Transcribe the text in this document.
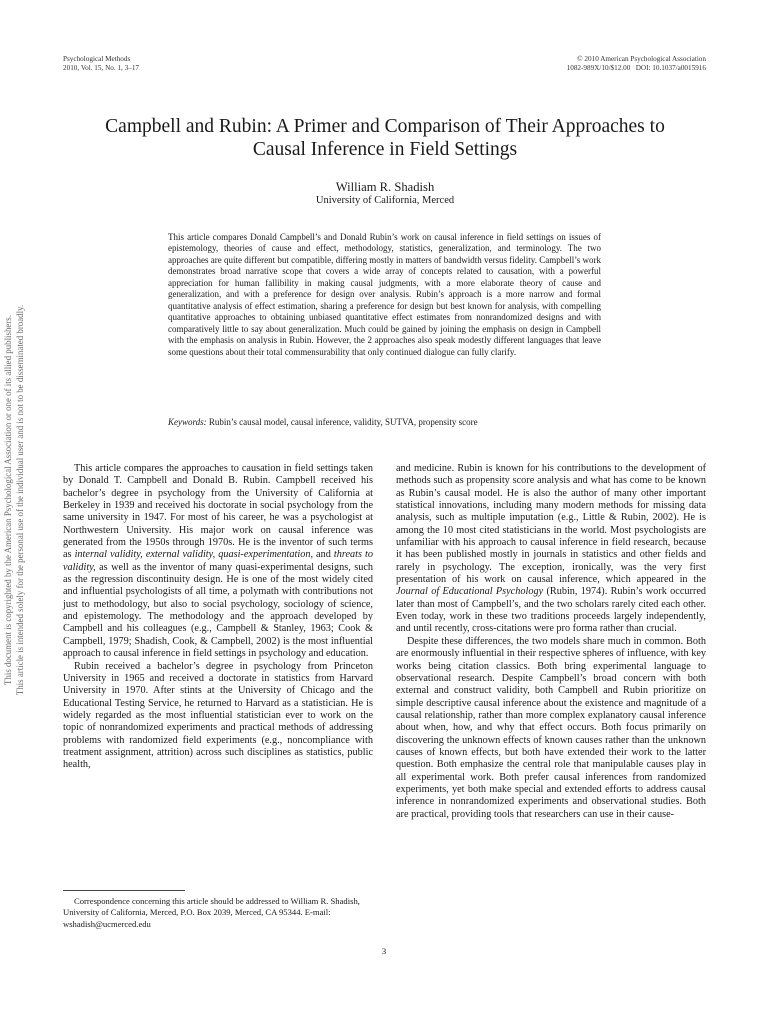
Psychological Methods
2010, Vol. 15, No. 1, 3–17
© 2010 American Psychological Association
1082-989X/10/$12.00   DOI: 10.1037/a0015916
This document is copyrighted by the American Psychological Association or one of its allied publishers. This article is intended solely for the personal use of the individual user and is not to be disseminated broadly.
Campbell and Rubin: A Primer and Comparison of Their Approaches to
Causal Inference in Field Settings
William R. Shadish
University of California, Merced

This article compares Donald Campbell’s and Donald Rubin’s work on causal inference in field settings on issues of epistemology, theories of cause and effect, methodology, statistics, generalization, and terminology. The two approaches are quite different but compatible, differing mostly in matters of bandwidth versus fidelity. Campbell’s work demonstrates broad narrative scope that covers a wide array of concepts related to causation, with a powerful appreciation for human fallibility in making causal judgments, with a more elaborate theory of cause and generalization, and with a preference for design over analysis. Rubin’s approach is a more narrow and formal quantitative analysis of effect estimation, sharing a preference for design but best known for analysis, with compelling quantitative approaches to obtaining unbiased quantitative effect estimates from nonrandomized designs and with comparatively little to say about generalization. Much could be gained by joining the emphasis on design in Campbell with the emphasis on analysis in Rubin. However, the 2 approaches also speak modestly different languages that leave some questions about their total commensurability that only continued dialogue can fully clarify.

Keywords: Rubin’s causal model, causal inference, validity, SUTVA, propensity score

This article compares the approaches to causation in field settings taken by Donald T. Campbell and Donald B. Rubin. Campbell received his bachelor’s degree in psychology from the University of California at Berkeley in 1939 and received his doctorate in social psychology from the same university in 1947. For most of his career, he was a psychologist at Northwestern University. His major work on causal inference was generated from the 1950s through 1970s. He is the inventor of such terms as internal validity, external validity, quasi-experimentation, and threats to validity, as well as the inventor of many quasi-experimental designs, such as the regression discontinuity design. He is one of the most widely cited and influential psychologists of all time, a polymath with contributions not just to methodology, but also to social psychology, sociology of science, and epistemology. The methodology and the approach developed by Campbell and his colleagues (e.g., Campbell & Stanley, 1963; Cook & Campbell, 1979; Shadish, Cook, & Campbell, 2002) is the most influential approach to causal inference in field settings in psychology and education.

Rubin received a bachelor’s degree in psychology from Princeton University in 1965 and received a doctorate in statistics from Harvard University in 1970. After stints at the University of Chicago and the Educational Testing Service, he returned to Harvard as a statistician. He is widely regarded as the most influential statistician ever to work on the topic of nonrandomized experiments and practical methods of addressing problems with randomized field experiments (e.g., noncompliance with treatment assignment, attrition) across such disciplines as statistics, public health,

and medicine. Rubin is known for his contributions to the development of methods such as propensity score analysis and what has come to be known as Rubin’s causal model. He is also the author of many other important statistical innovations, including many modern methods for missing data analysis, such as multiple imputation (e.g., Little & Rubin, 2002). He is among the 10 most cited statisticians in the world. Most psychologists are unfamiliar with his approach to causal inference in field research, because it has been published mostly in journals in statistics and other fields and rarely in psychology. The exception, ironically, was the very first presentation of his work on causal inference, which appeared in the Journal of Educational Psychology (Rubin, 1974). Rubin’s work occurred later than most of Campbell’s, and the two scholars rarely cited each other. Even today, work in these two traditions proceeds largely independently, and until recently, cross-citations were pro forma rather than crucial.

Despite these differences, the two models share much in common. Both are enormously influential in their respective spheres of influence, with key works being citation classics. Both bring experimental language to observational research. Despite Campbell’s broad concern with both external and construct validity, both Campbell and Rubin prioritize on simple descriptive causal inference about the existence and magnitude of a causal relationship, rather than more complex explanatory causal inference about when, how, and why that effect occurs. Both focus primarily on discovering the unknown effects of known causes rather than the unknown causes of known effects, but both have extended their work to the latter question. Both emphasize the central role that manipulable causes play in all experimental work. Both prefer causal inferences from randomized experiments, yet both make special and extended efforts to address causal inference in nonrandomized experiments and observational studies. Both are practical, providing tools that researchers can use in their cause-

Correspondence concerning this article should be addressed to William R. Shadish, University of California, Merced, P.O. Box 2039, Merced, CA 95344. E-mail: wshadish@ucmerced.edu

3
